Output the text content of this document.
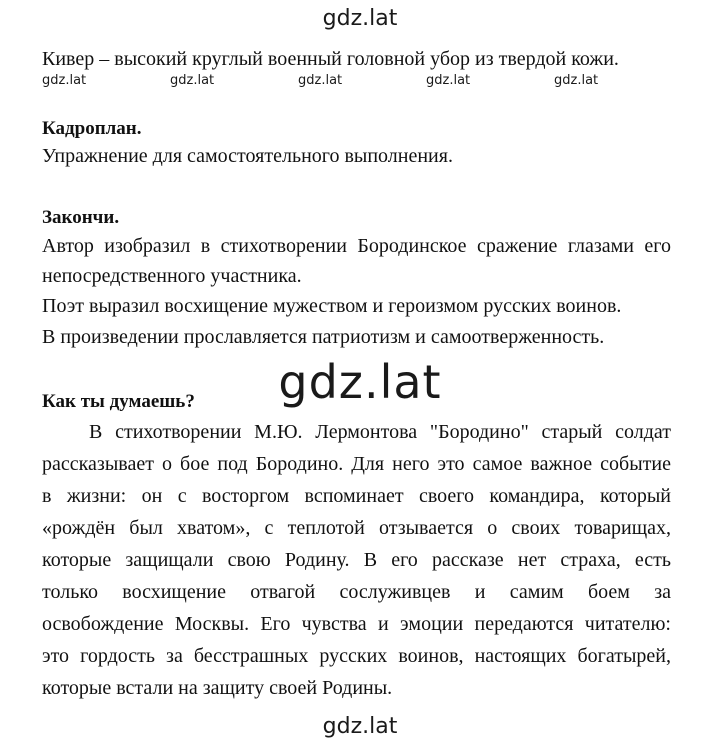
gdz.lat
gdz.lat	gdz.lat	gdz.lat	gdz.lat	gdz.lat
gdz.lat
gdz.lat
Кивер – высокий круглый военный головной убор из твердой кожи.
Кадроплан.
Упражнение для самостоятельного выполнения.
Закончи.
Автор изобразил в стихотворении Бородинское сражение глазами его
непосредственного участника.
Поэт выразил восхищение мужеством и героизмом русских воинов.
В произведении прославляется патриотизм и самоотверженность.
Как ты думаешь?
В стихотворении М.Ю. Лермонтова "Бородино" старый солдат
рассказывает о бое под Бородино. Для него это самое важное событие
в жизни: он с восторгом вспоминает своего командира, который
«рождён был хватом», с теплотой отзывается о своих товарищах,
которые защищали свою Родину. В его рассказе нет страха, есть
только восхищение отвагой сослуживцев и самим боем за
освобождение Москвы. Его чувства и эмоции передаются читателю:
это гордость за бесстрашных русских воинов, настоящих богатырей,
которые встали на защиту своей Родины.
